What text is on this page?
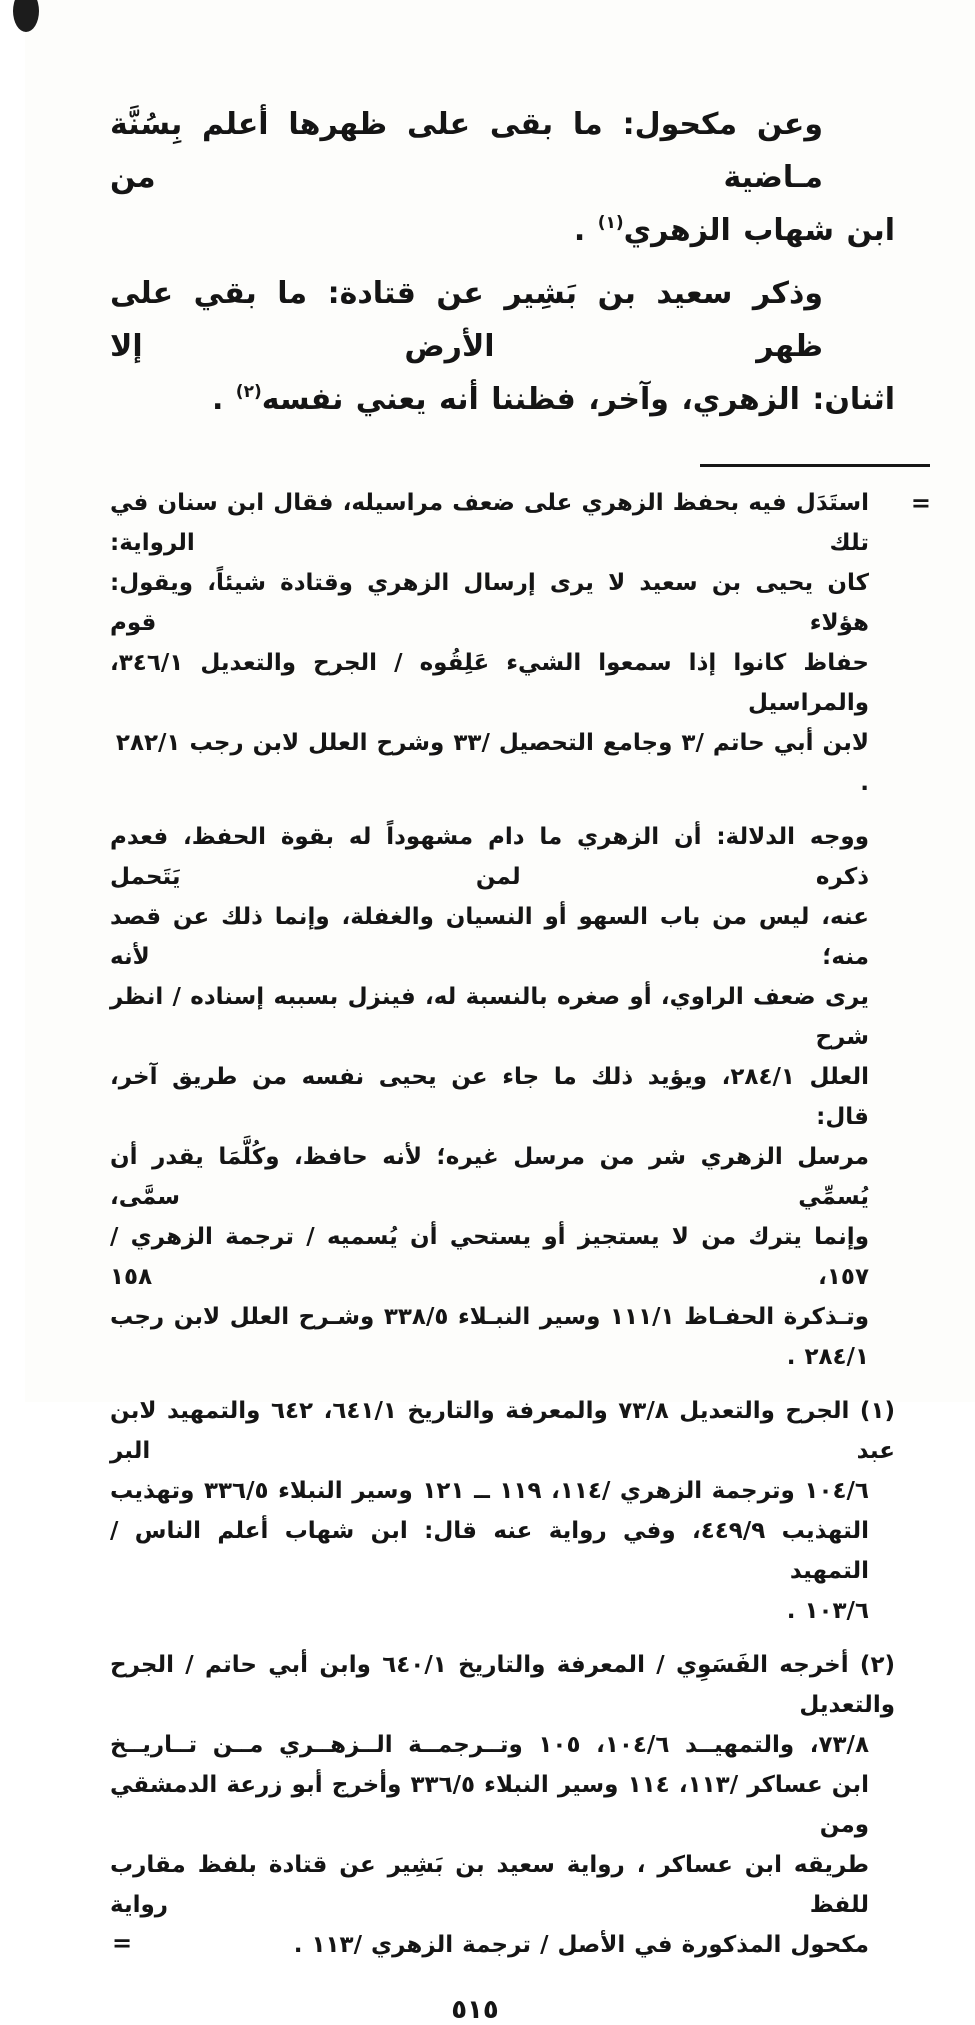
وعن مكحول: ما بقى على ظهرها أعلم بِسُنَّة مـاضية من
ابن شهاب الزهري$^{(١)}$ .
وذكر سعيد بن بَشِير عن قتادة: ما بقي على ظهر الأرض إلا
اثنان: الزهري، وآخر، فظننا أنه يعني نفسه$^{(٢)}$ .
=
=
استَدَل فيه بحفظ الزهري على ضعف مراسيله، فقال ابن سنان في تلك الرواية:
كان يحيى بن سعيد لا يرى إرسال الزهري وقتادة شيئاً، ويقول: هؤلاء قوم
حفاظ كانوا إذا سمعوا الشيء عَلِقُوه / الجرح والتعديل ٣٤٦/١، والمراسيل
لابن أبي حاتم /٣ وجامع التحصيل /٣٣ وشرح العلل لابن رجب ٢٨٢/١ .
ووجه الدلالة: أن الزهري ما دام مشهوداً له بقوة الحفظ، فعدم ذكره لمن يَتَحمل
عنه، ليس من باب السهو أو النسيان والغفلة، وإنما ذلك عن قصد منه؛ لأنه
يرى ضعف الراوي، أو صغره بالنسبة له، فينزل بسببه إسناده / انظر شرح
العلل ٢٨٤/١، ويؤيد ذلك ما جاء عن يحيى نفسه من طريق آخر، قال:
مرسل الزهري شر من مرسل غيره؛ لأنه حافظ، وكُلَّمَا يقدر أن يُسمِّي سمَّى،
وإنما يترك من لا يستجيز أو يستحي أن يُسميه / ترجمة الزهري /١٥٧، ١٥٨
وتـذكرة الحفـاظ ١١١/١ وسير النبـلاء ٣٣٨/٥ وشـرح العلل لابن رجب
٢٨٤/١ .
(١) الجرح والتعديل ٧٣/٨ والمعرفة والتاريخ ٦٤١/١، ٦٤٢ والتمهيد لابن عبد البر
١٠٤/٦ وترجمة الزهري /١١٤، ١١٩ ــ ١٢١ وسير النبلاء ٣٣٦/٥ وتهذيب
التهذيب ٤٤٩/٩، وفي رواية عنه قال: ابن شهاب أعلم الناس / التمهيد
١٠٣/٦ .
(٢) أخرجه الفَسَوِي / المعرفة والتاريخ ٦٤٠/١ وابن أبي حاتم / الجرح والتعديل
٧٣/٨، والتمهيــد ١٠٤/٦، ١٠٥ وتــرجمــة الــزهــري مــن تــاريــخ
ابن عساكر /١١٣، ١١٤ وسير النبلاء ٣٣٦/٥ وأخرج أبو زرعة الدمشقي ومن
طريقه ابن عساكر ، رواية سعيد بن بَشِير عن قتادة بلفظ مقارب للفظ رواية
مكحول المذكورة في الأصل / ترجمة الزهري /١١٣ .
٥١٥
